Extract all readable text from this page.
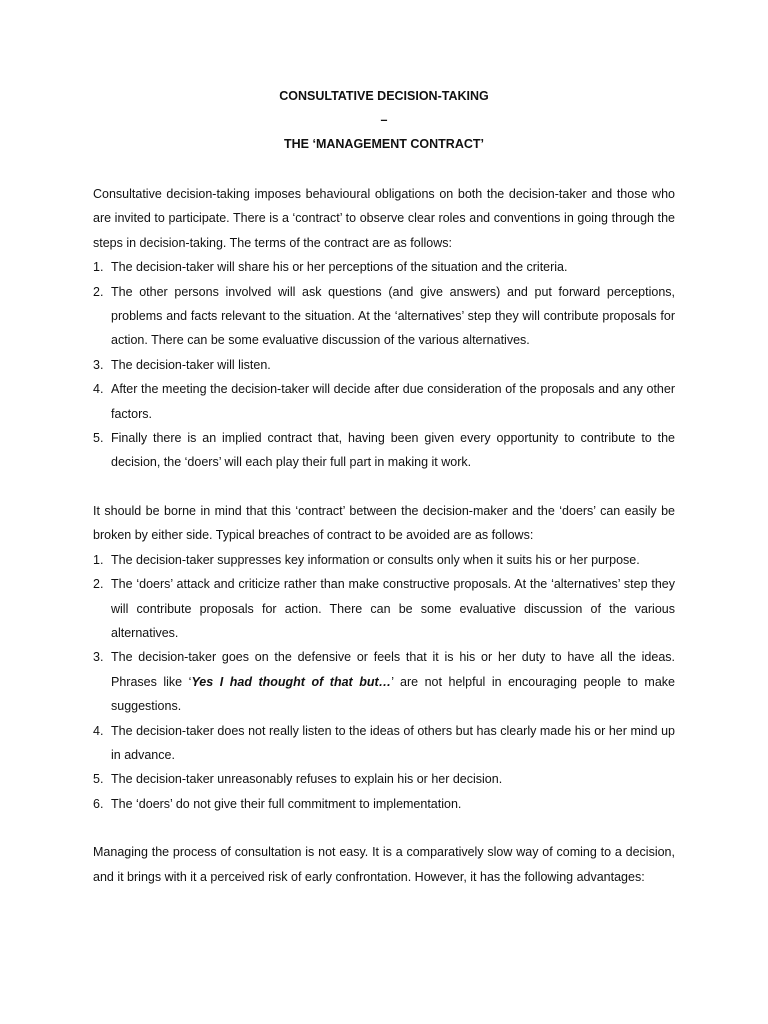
CONSULTATIVE DECISION-TAKING

–

THE ‘MANAGEMENT CONTRACT’

Consultative decision-taking imposes behavioural obligations on both the decision-taker and those who are invited to participate. There is a ‘contract’ to observe clear roles and conventions in going through the steps in decision-taking. The terms of the contract are as follows:

1. The decision-taker will share his or her perceptions of the situation and the criteria.
2. The other persons involved will ask questions (and give answers) and put forward perceptions, problems and facts relevant to the situation. At the ‘alternatives’ step they will contribute proposals for action. There can be some evaluative discussion of the various alternatives.
3. The decision-taker will listen.
4. After the meeting the decision-taker will decide after due consideration of the proposals and any other factors.
5. Finally there is an implied contract that, having been given every opportunity to contribute to the decision, the ‘doers’ will each play their full part in making it work.

It should be borne in mind that this ‘contract’ between the decision-maker and the ‘doers’ can easily be broken by either side. Typical breaches of contract to be avoided are as follows:

1. The decision-taker suppresses key information or consults only when it suits his or her purpose.
2. The ‘doers’ attack and criticize rather than make constructive proposals. At the ‘alternatives’ step they will contribute proposals for action. There can be some evaluative discussion of the various alternatives.
3. The decision-taker goes on the defensive or feels that it is his or her duty to have all the ideas. Phrases like ‘Yes I had thought of that but…’ are not helpful in encouraging people to make suggestions.
4. The decision-taker does not really listen to the ideas of others but has clearly made his or her mind up in advance.
5. The decision-taker unreasonably refuses to explain his or her decision.
6. The ‘doers’ do not give their full commitment to implementation.

Managing the process of consultation is not easy. It is a comparatively slow way of coming to a decision, and it brings with it a perceived risk of early confrontation. However, it has the following advantages:
